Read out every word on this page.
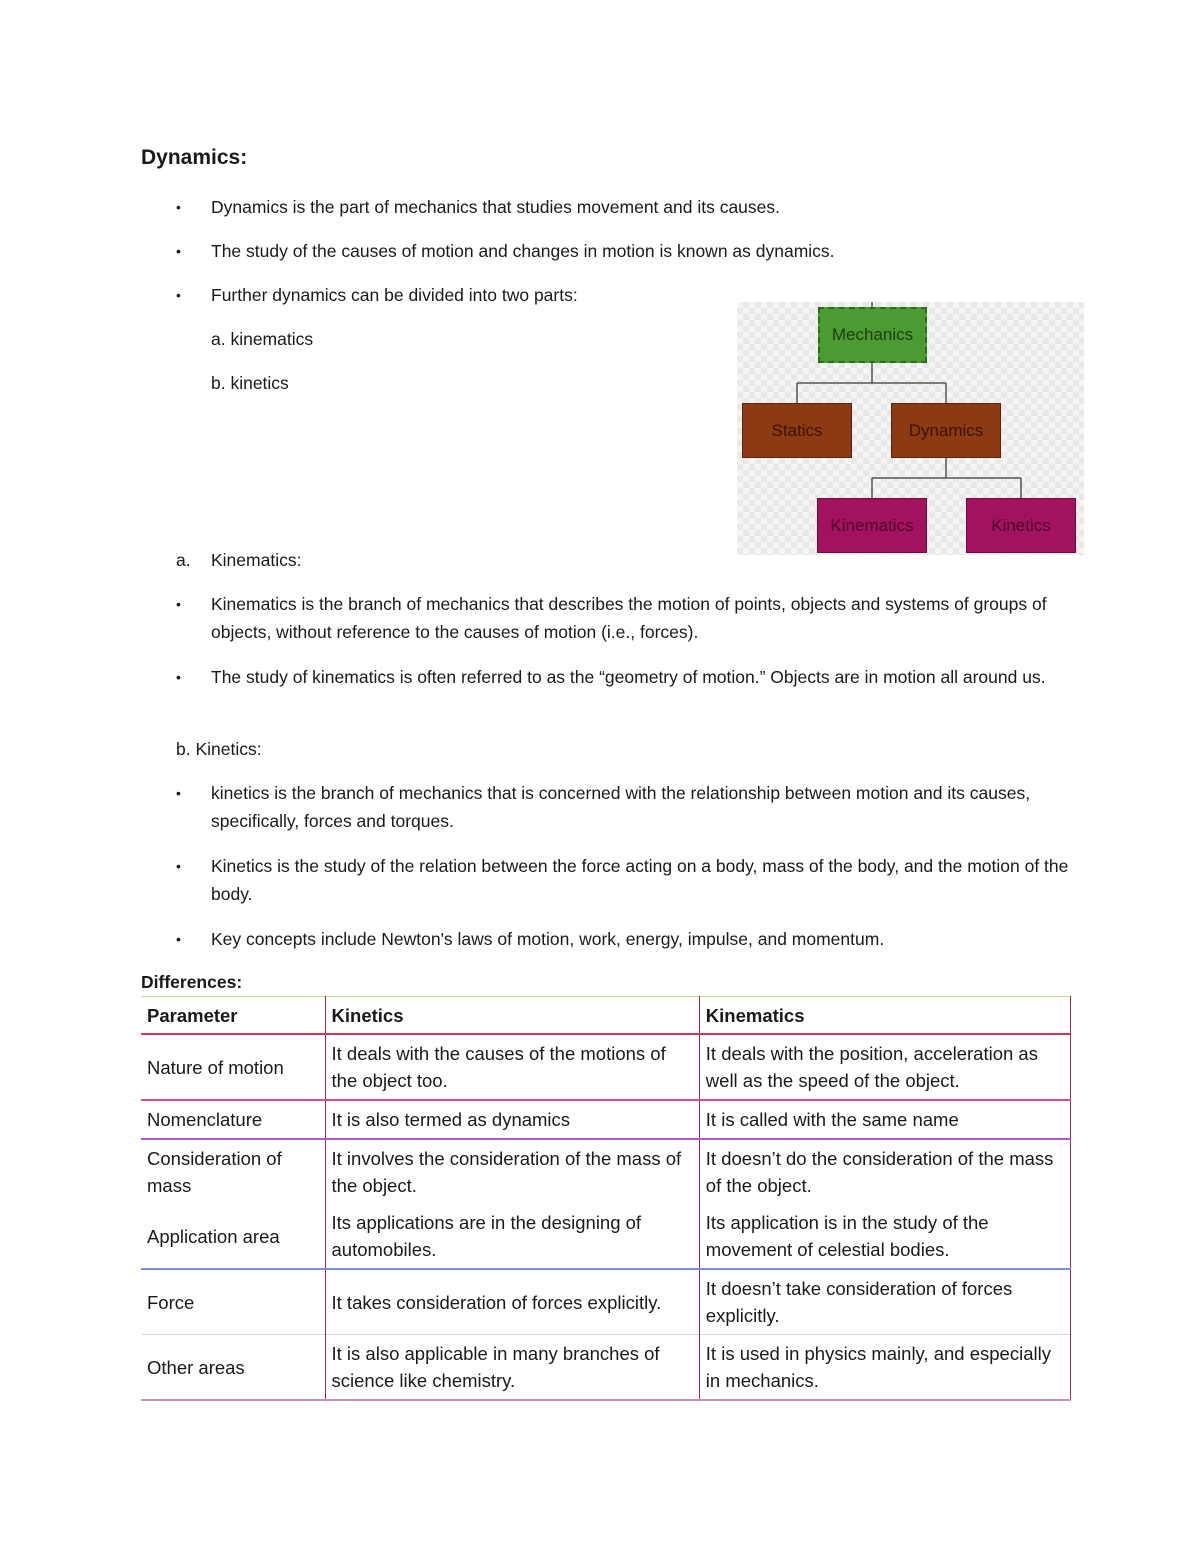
Dynamics:
• Dynamics is the part of mechanics that studies movement and its causes.
• The study of the causes of motion and changes in motion is known as dynamics.
• Further dynamics can be divided into two parts:
a. kinematics
b. kinetics
Mechanics
Statics	Dynamics
Kinematics	Kinetics
a. Kinematics:
• Kinematics is the branch of mechanics that describes the motion of points, objects and systems of groups of objects, without reference to the causes of motion (i.e., forces).
• The study of kinematics is often referred to as the “geometry of motion.” Objects are in motion all around us.
b. Kinetics:
• kinetics is the branch of mechanics that is concerned with the relationship between motion and its causes, specifically, forces and torques.
• Kinetics is the study of the relation between the force acting on a body, mass of the body, and the motion of the body.
• Key concepts include Newton's laws of motion, work, energy, impulse, and momentum.
Differences:
Parameter	Kinetics	Kinematics
Nature of motion	It deals with the causes of the motions of the object too.	It deals with the position, acceleration as well as the speed of the object.
Nomenclature	It is also termed as dynamics	It is called with the same name
Consideration of mass	It involves the consideration of the mass of the object.	It doesn’t do the consideration of the mass of the object.
Application area	Its applications are in the designing of automobiles.	Its application is in the study of the movement of celestial bodies.
Force	It takes consideration of forces explicitly.	It doesn’t take consideration of forces explicitly.
Other areas	It is also applicable in many branches of science like chemistry.	It is used in physics mainly, and especially in mechanics.
